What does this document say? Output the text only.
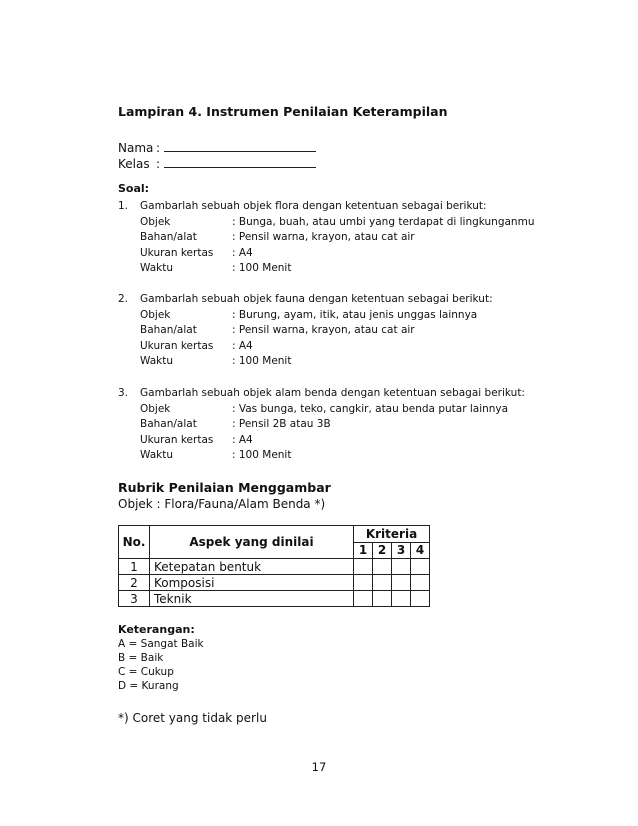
Lampiran 4. Instrumen Penilaian Keterampilan
Nama :
Kelas :
Soal:
1. Gambarlah sebuah objek flora dengan ketentuan sebagai berikut:
Objek	: Bunga, buah, atau umbi yang terdapat di lingkunganmu
Bahan/alat	: Pensil warna, krayon, atau cat air
Ukuran kertas : A4
Waktu	: 100 Menit
2. Gambarlah sebuah objek fauna dengan ketentuan sebagai berikut:
Objek	: Burung, ayam, itik, atau jenis unggas lainnya
Bahan/alat	: Pensil warna, krayon, atau cat air
Ukuran kertas : A4
Waktu	: 100 Menit
3. Gambarlah sebuah objek alam benda dengan ketentuan sebagai berikut:
Objek	: Vas bunga, teko, cangkir, atau benda putar lainnya
Bahan/alat	: Pensil 2B atau 3B
Ukuran kertas : A4
Waktu	: 100 Menit
Rubrik Penilaian Menggambar
Objek : Flora/Fauna/Alam Benda *)
No.	Aspek yang dinilai	Kriteria			
		1	2	3	4
1	Ketepatan bentuk				
2	Komposisi				
3	Teknik				
Keterangan:
A = Sangat Baik
B = Baik
C = Cukup
D = Kurang
*) Coret yang tidak perlu
17
